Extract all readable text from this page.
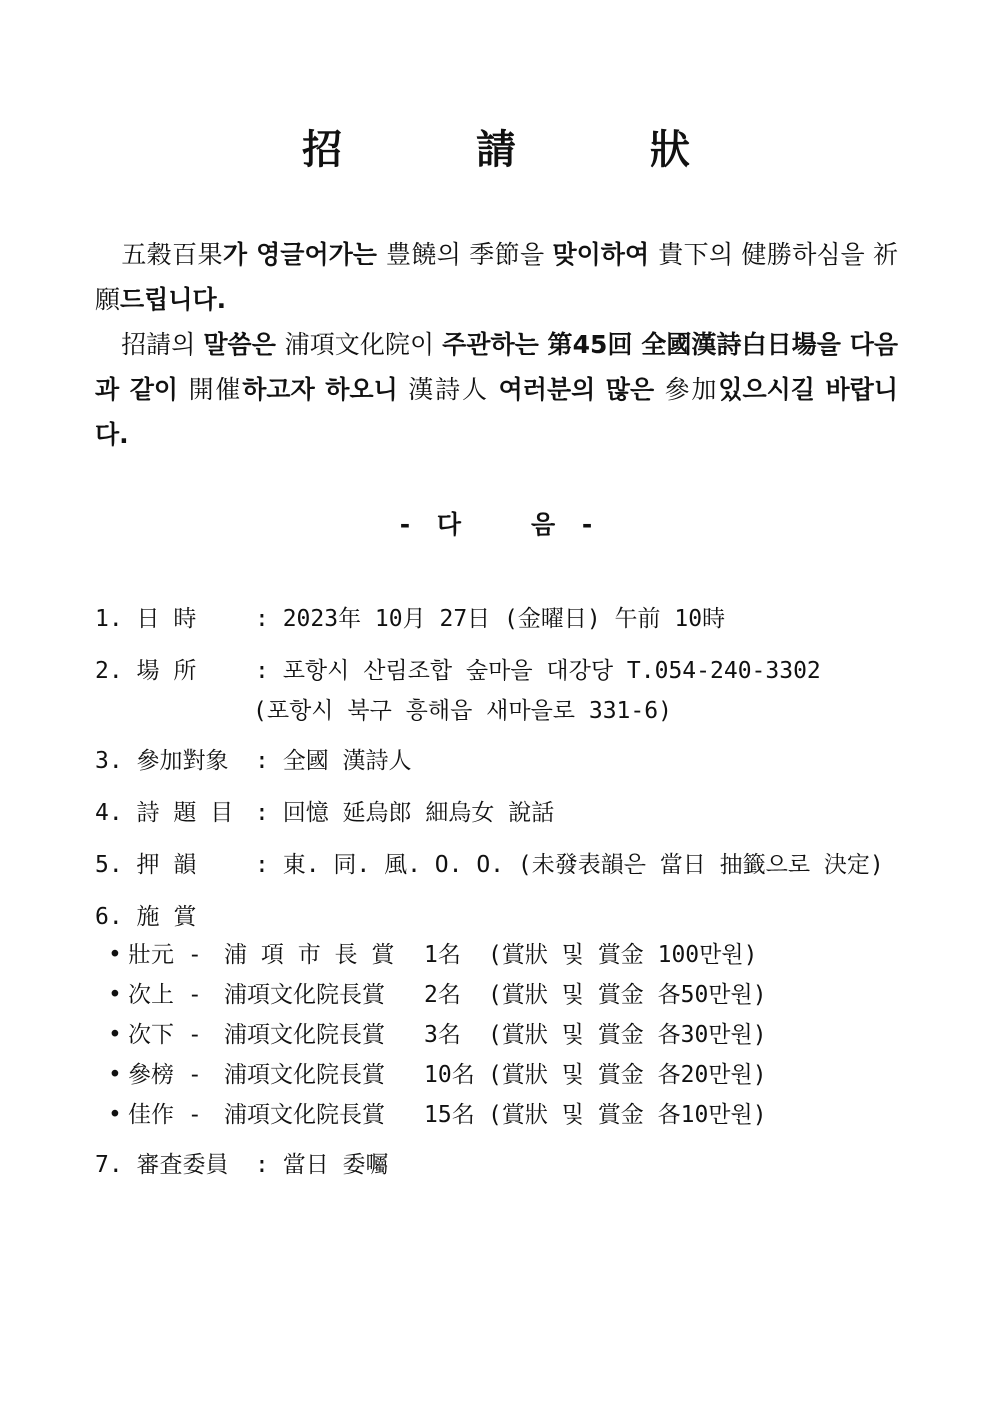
招 請 狀
五穀百果가 영글어가는 豊饒의 季節을 맞이하여 貴下의 健勝하심을 祈願드립니다.
招請의 말씀은 浦項文化院이 주관하는 第45回 全國漢詩白日場을 다음과 같이 開催하고자 하오니 漢詩人 여러분의 많은 參加있으시길 바랍니다.
- 다	음 -
1. 日 時	: 2023年 10月 27日 (金曜日) 午前 10時
2. 場 所	: 포항시 산림조합 숲마을 대강당 T.054-240-3302
(포항시 북구 흥해읍 새마을로 331-6)
3. 參加對象 : 全國 漢詩人
4. 詩 題 目 : 回憶 延烏郎 細烏女 說話
5. 押 韻	: 東. 同. 風. O. O. (未發表韻은 當日 抽籤으로 決定)
6. 施 賞
• 壯元 - 浦 項 市 長 賞 1名 (賞狀 및 賞金 100만원)
• 次上 - 浦項文化院長賞 2名 (賞狀 및 賞金 各50만원)
• 次下 - 浦項文化院長賞 3名 (賞狀 및 賞金 各30만원)
• 參榜 - 浦項文化院長賞 10名 (賞狀 및 賞金 各20만원)
• 佳作 - 浦項文化院長賞 15名 (賞狀 및 賞金 各10만원)
7. 審査委員 : 當日 委囑
